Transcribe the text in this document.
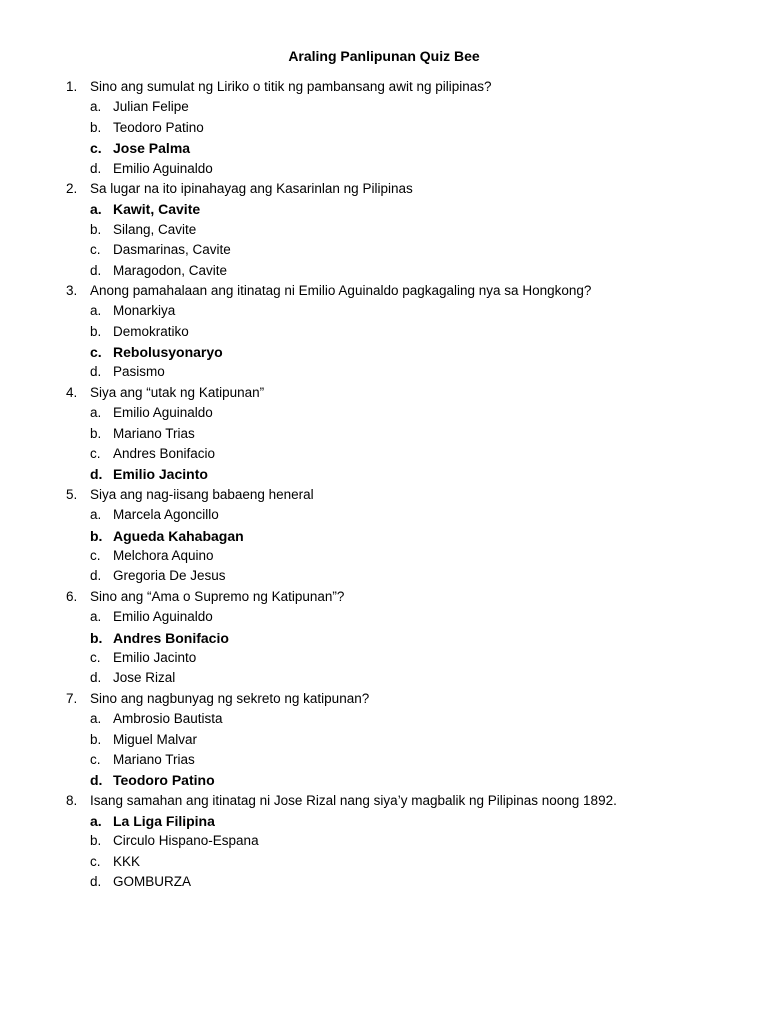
Araling Panlipunan Quiz Bee
1. Sino ang sumulat ng Liriko o titik ng pambansang awit ng pilipinas?
a. Julian Felipe
b. Teodoro Patino
c. Jose Palma
d. Emilio Aguinaldo
2. Sa lugar na ito ipinahayag ang Kasarinlan ng Pilipinas
a. Kawit, Cavite
b. Silang, Cavite
c. Dasmarinas, Cavite
d. Maragodon, Cavite
3. Anong pamahalaan ang itinatag ni Emilio Aguinaldo pagkagaling nya sa Hongkong?
a. Monarkiya
b. Demokratiko
c. Rebolusyonaryo
d. Pasismo
4. Siya ang “utak ng Katipunan”
a. Emilio Aguinaldo
b. Mariano Trias
c. Andres Bonifacio
d. Emilio Jacinto
5. Siya ang nag-iisang babaeng heneral
a. Marcela Agoncillo
b. Agueda Kahabagan
c. Melchora Aquino
d. Gregoria De Jesus
6. Sino ang “Ama o Supremo ng Katipunan”?
a. Emilio Aguinaldo
b. Andres Bonifacio
c. Emilio Jacinto
d. Jose Rizal
7. Sino ang nagbunyag ng sekreto ng katipunan?
a. Ambrosio Bautista
b. Miguel Malvar
c. Mariano Trias
d. Teodoro Patino
8. Isang samahan ang itinatag ni Jose Rizal nang siya’y magbalik ng Pilipinas noong 1892.
a. La Liga Filipina
b. Circulo Hispano-Espana
c. KKK
d. GOMBURZA
